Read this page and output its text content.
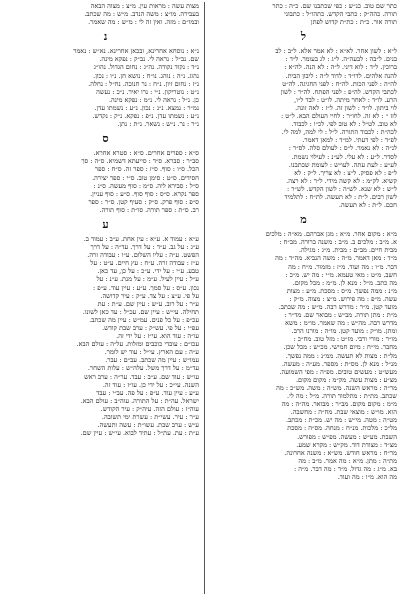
כתר שם טוב. כנ״ש : כפי שכתבנו שם. כ״ה : כתר
תורה. כהה״ק : כתבי הקדש. כתהו״ל : כתבוני
תורה אור. כ״ת : כת״ת קדוש לפתן
ל
ל״א : לשון אחר. לא״א : לא אמר אלא. ל״ב : לב
בנים. ל״בה : לבעה״ה. ל״ג : לג בעומר. ל״ד :
ברוכין. ל״ד : לוא דיני. ל״ה : לא הנה. לה״א :
להנה אלהים. לדו״ד : לדוד ל״ה : ליבון הבית.
לה״ה : לפני הכות. לה״ח : לפני החגיגה. לה״ט
לכתבי הקדש. לה״פ : לפני הפתח. לה״ר : לשון
הרע. לו״ד : לאחר מיתה. לו״ט : לבד ל״ו,
לוי ביתון. לו״ד : לשון זה. ל״ז : לאה זונה.
לזז ״ : לא זה. לחו״ר : לחיי העולם הבא. ל״ט :
לא טוב. לט״ל : לא טוב לפי. לכ״ו : לכבוד.
לכה״ת : לכבוד התורה. ל״ל : לי למה, למה לי.
לפ״ד : לפי דעתי. למ״ד : למאן דאמר.
לנ״ה : לא נאמר. ל״ס : לעולם סלה. לס״ר :
לסדר. ל״ע : לא עלי. לע״נ : לעילוי נשמת.
לע״ע : לעת עתה. לעו״ש : לעומת שכתבנו.
ל״פ : לא פסיק. ל״צ : לא צריך. ל״ק : לא
קשיא. לק״מ : לא קשה מידי. ל״ר : לא רצה.
ל״ש : לא שנא. לש״ה : לשון הקדש. לש״ר :
לשון רבים. ל״ת : לא תעשה. לת״ח : לתלמיד
חכם. ל״ת : לא תעשה.
מ
מ״א : מקום אחר. מ״א : מגן אברהם. מא״ה : מלכים
א. מ״ב : מלכים ב. מ״ב : משנה ברורה. מב״ח :
מבית חיים. מב״ם : מבית. מ״ג : מגילה.
מ״ד : מאן דאמר. מ״ה : משה הנביא. מה״ד : מה
דבר. מ״ו : מה ועוד. מ״ז : מזמור. מ״ח : מה
חשב. מ״ט : מאי טעמא. מ״י : מה יש. מ״כ :
מה כתב. מ״ל : מנא לן. מ״מ : מכל מקום.
מ״נ : ממה נפשך. מ״ס : מסכת. מ״ע : מצות
עשה. מ״פ : מה פירוש. מ״צ : מצוה. מ״ק :
מועד קטן. מ״ר : מדרש רבה. מ״ש : מה שכתב.
מ״ת : מתן תורה. מב״ש : מבואר שם. מד״ר :
מדרש רבה. מה״ש : מה שאמר. מו״מ : משא
ומתן. מו״ק : מועד קטן. מו״ה : מורנו הרב.
מו״ר : מורי ורבי. מז״ט : מזל טוב. מח״כ :
מחבר. מי״ח : מיום חמישי. מכ״ש : מכל שכן.
מל״ת : מצות לא תעשה. ממ״נ : ממה נפשך.
מנ״ל : מנא לן. מס״ת : מספר. מע״ה : מעשה.
מעש״ט : מעשים טובים. מפ״ה : מפי השמועה.
מצ״ע : מצות עשה. מק״מ : מקום מקום.
מר״ה : מראש השנה. מש״ה : משה. מש״כ : מה
שכתב. מת״ת : מתלמוד תורה. מ״ל : מה לי.
מ״מ : מקום מקום. מב״ר : מבואר. מה״ה : מה
הוא. מו״ש : מוצאי שבת. מח״ה : מחשבה.
מט״ה : מטה. מי״ש : מה יש. מכ״ת : מכתב.
מל״כ : מלכות. מנ״ח : מנחה. מס״ה : מסכת
השבת. מע״ש : מעשה. מפ״ש : מפורש.
מצ״ד : מצודת דוד. מק״ש : מקרא שמע.
מר״ח : מראש חודש. מש״א : משנה אחרונה.
מת״ה : מתן. מ״א : מה אמר. מ״ב : מה
בא. מ״ג : מה גדול. מ״ד : מה דבר. מ״ה :
מה הוא. מ״ו : מה ועוד.
מצות עשה : מראות עין. מ״צ : מצוה הבאה
בעבירה. מו״צ : משה הנדב. מ״ש : מה שכתב.
ובמו״ם : מזה. ואין זה לי : מ״ש : מה שאמר.
נ
נ״א : נוסחא אחרינא, ובכאן אחרינא. נא״ש : נאמר
שם. נב״ל : נראה לי. נב״ק : נפקא מינה.
נ״ד : נקוד נקודה. נה״ג : נחום הגדול. נהו״ג
נהוג. נ״ה : נוהג. נו״ח : נושא חן. נ״ו : נכון.
נ״ז : נחום זיון. נ״ח : נר חנוכה. נח״ל : נחלה.
נ״ט : נוטריקון. נ״י : נרו יאיר. נ״כ : נעשה
כן. נ״ל : נראה לי. נ״מ : נפקא מינה.
נמ״ר : נמצא. נ״נ : נכון. נ״ע : נשמתו עדן.
נ״ע : נשמתו עדן. נ״פ : נפקא. נ״ק : נקדש.
נ״ר : נר. נ״ש : נשאר. נ״ת : נתן.
ס
ס״א : ספרים אחרים. ס״א : סטרא אחרא.
סב״ר : סברא. ס״ד : סייעתא דשמיא. ס״ה : סך
הכל. ס״ו : סוף. ס״ז : ספר זה. ס״ח : ספר
חסידים. ס״ט : סימן טוב. ס״י : ספר יצירה.
ס״ל : סבירא ליה. ס״מ : סוף מעשה. ס״נ :
ספר נקרא. ס״ס : סוף סוף. ס״ע : סוף עניין.
ס״פ : סוף פרק. ס״ק : סעיף קטן. ס״ר : ספר
רב. ס״ת : ספר תורה. סו״ת : סוף תורה.
ע
ע״א : עמוד א. ע״א : עין אחת. ע״ב : עמוד ב.
ע״ג : על גב. ע״ד : על דרך. עד״ה : על דרך
הפשט. ע״ה : עליו השלום. ע״ו : עבודה זרה.
ע״ז : עבודה זרה. ע״ח : עץ חיים. ע״ט : על
טבע. ע״י : על ידי. ע״כ : על כן, עד כאן.
ע״ל : עיין לעיל. ע״מ : על מנת. ע״נ : על
נכון. ע״ס : על סמך. ע״ע : עיין עוד. ע״פ :
על פי. ע״צ : על צד. ע״ק : עיר קדושה.
ע״ר : על רוב. ע״ש : עיין שם. ע״ת : עת
תחילה. עי״ש : עיין שם. עכ״ל : עד כאן לשונו.
עכ״פ : על כל פנים. עמ״ש : עיין מה שכתב.
עפ״י : על פי. עש״ק : ערב שבת קודש.
עו״ה : עוד הוא. עי״ז : על ידי זה.
עכו״ם : עובדי כוכבים ומזלות. על״ה : עולם הבא.
ע״ה : עם הארץ. עי״ל : עוד יש לומר.
עמו״ש : עיין מה שכתב. עב״ם : עבר.
עד״מ : על דרך משל. עלה״ש : עלות השחר.
עו״ש : עוד שם. ע״ב : עבד. ער״ה : ערב ראש
השנה. עי״כ : על ידי כן. עו״ז : עוד זה.
ע״ע : עיין עוד. ע״פ : על פה. עב״י : עבד
ישראל. עה״ת : על התורה. עוה״ב : עולם הבא.
עוה״ז : עולם הזה. עיה״ק : עיר הקודש.
ע״ר : עיר. עשי״ת : עשרת ימי תשובה.
ע״ש : ערב שבת. עשו״ת : עשה ותעשה.
ע״ת : עת. עת״ל : עתיד לבוא. עי״ש : עיין שם.
